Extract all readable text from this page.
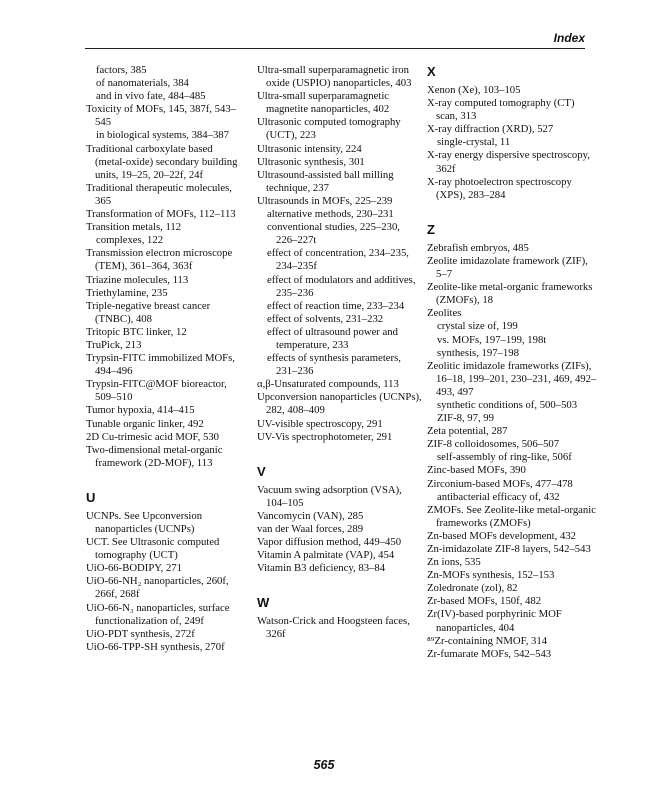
Index

factors, 385

of nanomaterials, 384

and in vivo fate, 484–485

Toxicity of MOFs, 145, 387f, 543–545

in biological systems, 384–387

Traditional carboxylate based (metal-oxide) secondary building units, 19–25, 20–22f, 24f

Traditional therapeutic molecules, 365

Transformation of MOFs, 112–113

Transition metals, 112

complexes, 122

Transmission electron microscope (TEM), 361–364, 363f

Triazine molecules, 113

Triethylamine, 235

Triple-negative breast cancer (TNBC), 408

Tritopic BTC linker, 12

TruPick, 213

Trypsin-FITC immobilized MOFs, 494–496

Trypsin-FITC@MOF bioreactor, 509–510

Tumor hypoxia, 414–415

Tunable organic linker, 492

2D Cu-trimesic acid MOF, 530

Two-dimensional metal-organic framework (2D-MOF), 113

U

UCNPs. See Upconversion nanoparticles (UCNPs)

UCT. See Ultrasonic computed tomography (UCT)

UiO-66-BODIPY, 271

UiO-66-NH₂ nanoparticles, 260f, 266f, 268f

UiO-66-N₃ nanoparticles, surface functionalization of, 249f

UiO-PDT synthesis, 272f

UiO-66-TPP-SH synthesis, 270f

Ultra-small superparamagnetic iron oxide (USPIO) nanoparticles, 403

Ultra-small superparamagnetic magnetite nanoparticles, 402

Ultrasonic computed tomography (UCT), 223

Ultrasonic intensity, 224

Ultrasonic synthesis, 301

Ultrasound-assisted ball milling technique, 237

Ultrasounds in MOFs, 225–239

alternative methods, 230–231

conventional studies, 225–230, 226–227t

effect of concentration, 234–235, 234–235f

effect of modulators and additives, 235–236

effect of reaction time, 233–234

effect of solvents, 231–232

effect of ultrasound power and temperature, 233

effects of synthesis parameters, 231–236

α,β-Unsaturated compounds, 113

Upconversion nanoparticles (UCNPs), 282, 408–409

UV-visible spectroscopy, 291

UV-Vis spectrophotometer, 291

V

Vacuum swing adsorption (VSA), 104–105

Vancomycin (VAN), 285

van der Waal forces, 289

Vapor diffusion method, 449–450

Vitamin A palmitate (VAP), 454

Vitamin B3 deficiency, 83–84

W

Watson-Crick and Hoogsteen faces, 326f

X

Xenon (Xe), 103–105

X-ray computed tomography (CT) scan, 313

X-ray diffraction (XRD), 527

single-crystal, 11

X-ray energy dispersive spectroscopy, 362f

X-ray photoelectron spectroscopy (XPS), 283–284

Z

Zebrafish embryos, 485

Zeolite imidazolate framework (ZIF), 5–7

Zeolite-like metal-organic frameworks (ZMOFs), 18

Zeolites

crystal size of, 199

vs. MOFs, 197–199, 198t

synthesis, 197–198

Zeolitic imidazole frameworks (ZIFs), 16–18, 199–201, 230–231, 469, 492–493, 497

synthetic conditions of, 500–503

ZIF-8, 97, 99

Zeta potential, 287

ZIF-8 colloidosomes, 506–507

self-assembly of ring-like, 506f

Zinc-based MOFs, 390

Zirconium-based MOFs, 477–478

antibacterial efficacy of, 432

ZMOFs. See Zeolite-like metal-organic frameworks (ZMOFs)

Zn-based MOFs development, 432

Zn-imidazolate ZIF-8 layers, 542–543

Zn ions, 535

Zn-MOFs synthesis, 152–153

Zoledronate (zol), 82

Zr-based MOFs, 150f, 482

Zr(IV)-based porphyrinic MOF nanoparticles, 404

⁸⁹Zr-containing NMOF, 314

Zr-fumarate MOFs, 542–543

565
